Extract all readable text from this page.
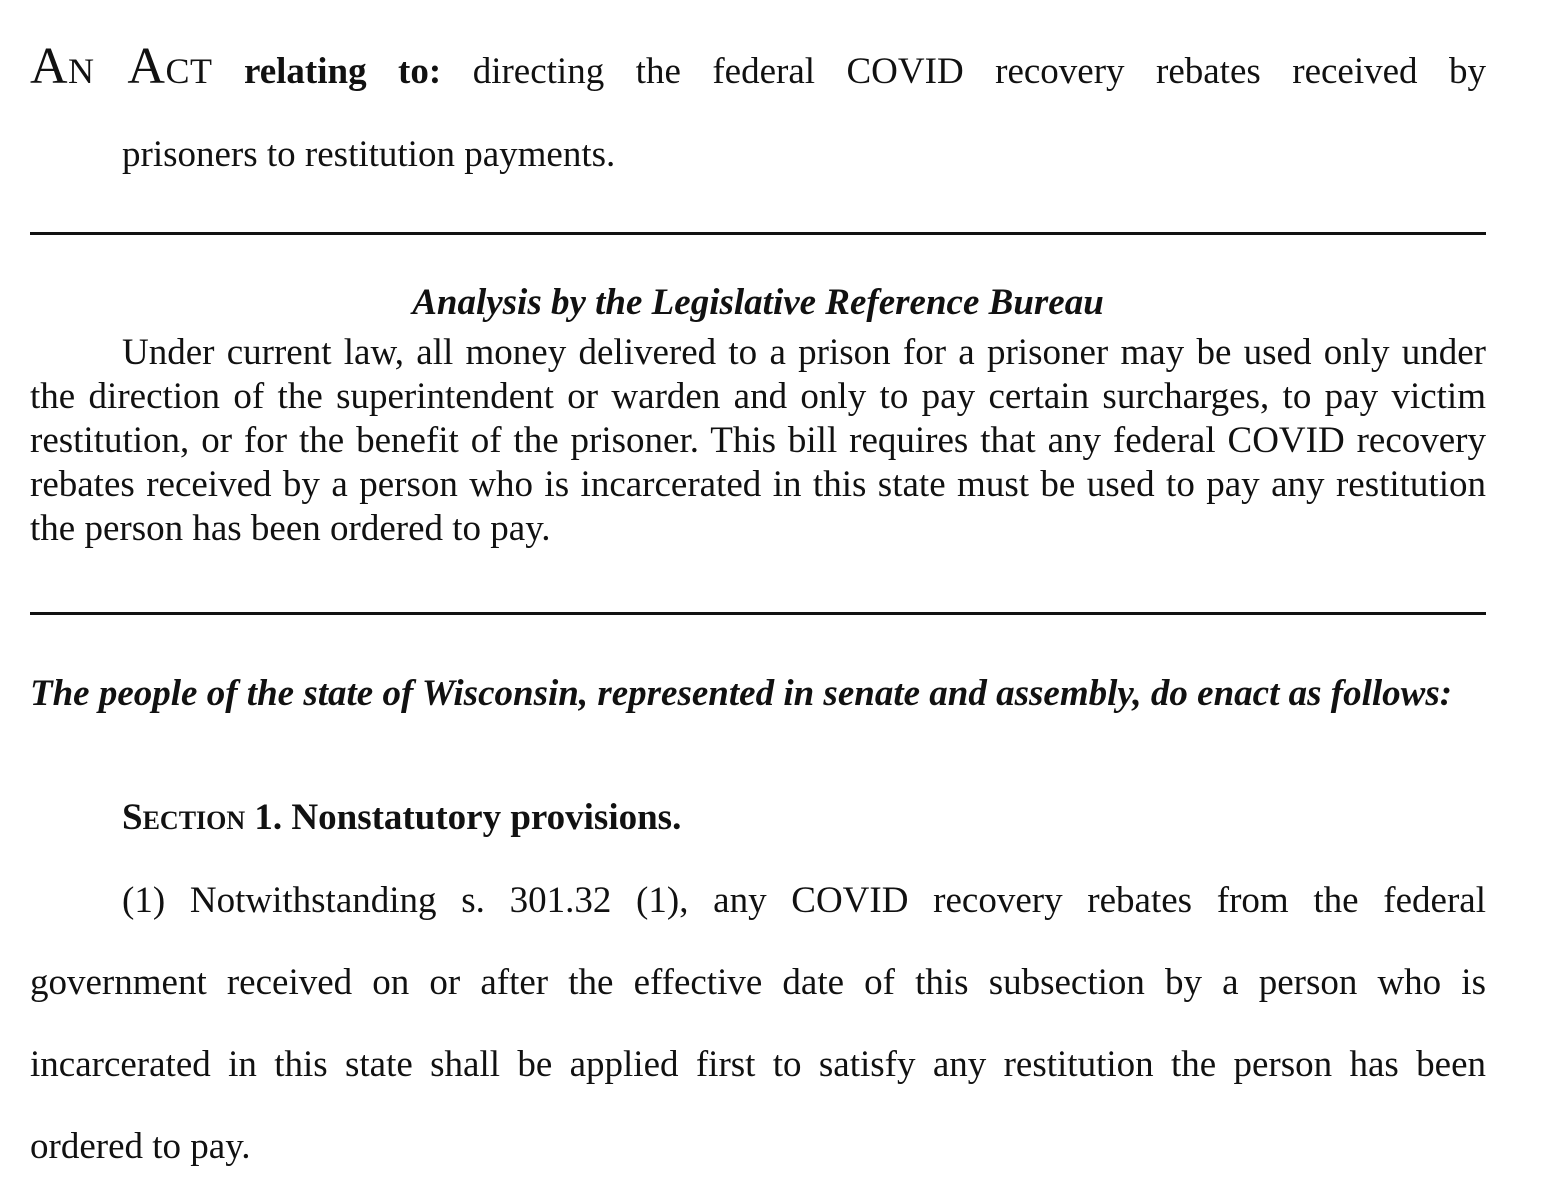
An Act relating to: directing the federal COVID recovery rebates received by
prisoners to restitution payments.
Analysis by the Legislative Reference Bureau

Under current law, all money delivered to a prison for a prisoner may be used only under the direction of the superintendent or warden and only to pay certain surcharges, to pay victim restitution, or for the benefit of the prisoner. This bill requires that any federal COVID recovery rebates received by a person who is incarcerated in this state must be used to pay any restitution the person has been ordered to pay.

The people of the state of Wisconsin, represented in senate and assembly, do enact as follows:

Section 1. Nonstatutory provisions.

(1) Notwithstanding s. 301.32 (1), any COVID recovery rebates from the federal government received on or after the effective date of this subsection by a person who is incarcerated in this state shall be applied first to satisfy any restitution the person has been ordered to pay.
